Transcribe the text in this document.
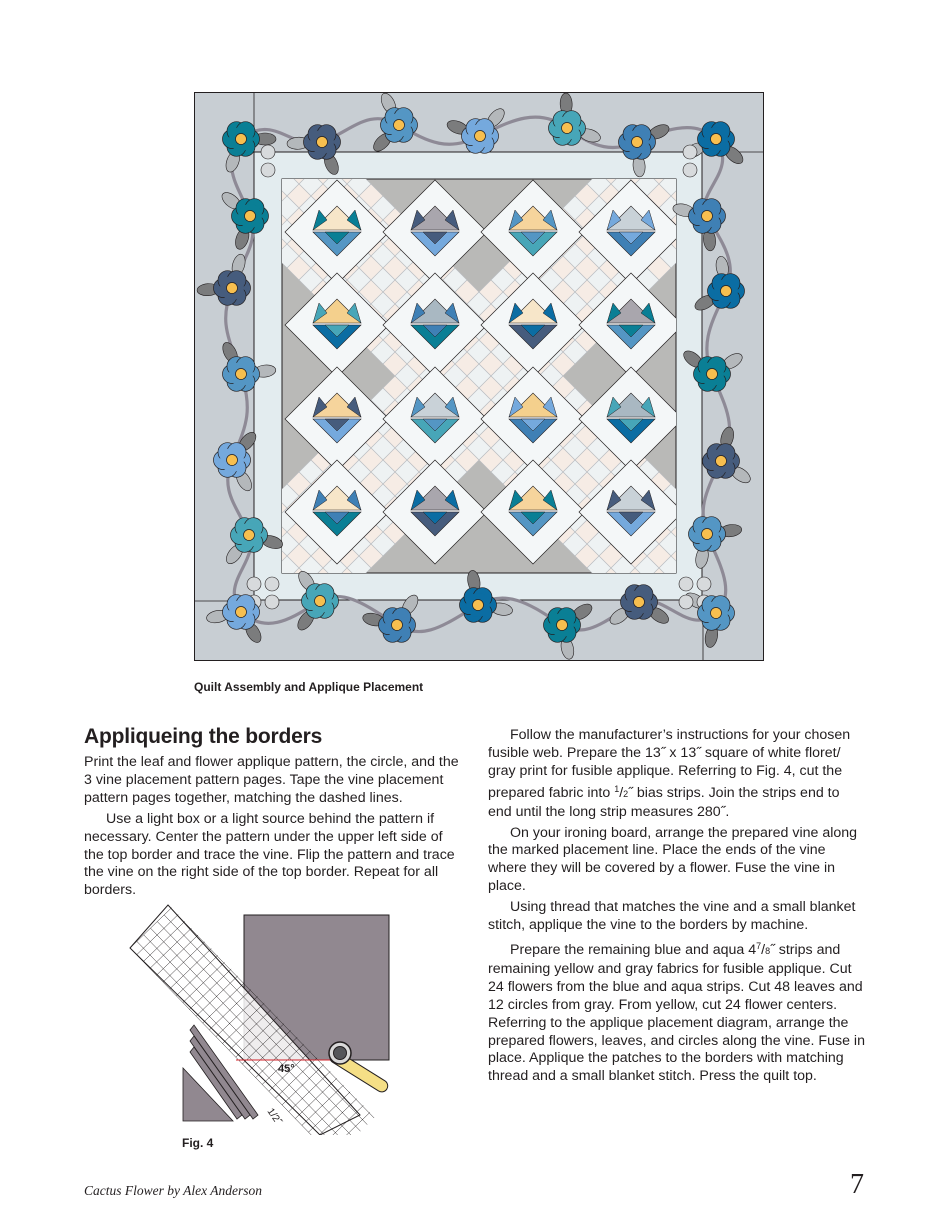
Quilt Assembly and Applique Placement
Appliqueing the borders

Print the leaf and flower applique pattern, the circle, and the 3 vine placement pattern pages. Tape the vine placement pattern pages together, matching the dashed lines.

Use a light box or a light source behind the pattern if necessary. Center the pattern under the upper left side of the top border and trace the vine. Flip the pattern and trace the vine on the right side of the top border. Repeat for all borders.

45°
1/2˝
Fig. 4

Follow the manufacturer’s instructions for your chosen fusible web. Prepare the 13˝ x 13˝ square of white floret/ gray print for fusible applique. Referring to Fig. 4, cut the prepared fabric into $^1$/2˝ bias strips. Join the strips end to end until the long strip measures 280˝.

On your ironing board, arrange the prepared vine along the marked placement line. Place the ends of the vine where they will be covered by a flower. Fuse the vine in place.

Using thread that matches the vine and a small blanket stitch, applique the vine to the borders by machine.

Prepare the remaining blue and aqua $4^7/8˝$ strips and remaining yellow and gray fabrics for fusible applique. Cut 24 flowers from the blue and aqua strips. Cut 48 leaves and 12 circles from gray. From yellow, cut 24 flower centers. Referring to the applique placement diagram, arrange the prepared flowers, leaves, and circles along the vine. Fuse in place. Applique the patches to the borders with matching thread and a small blanket stitch. Press the quilt top.

Cactus Flower by Alex Anderson	7
